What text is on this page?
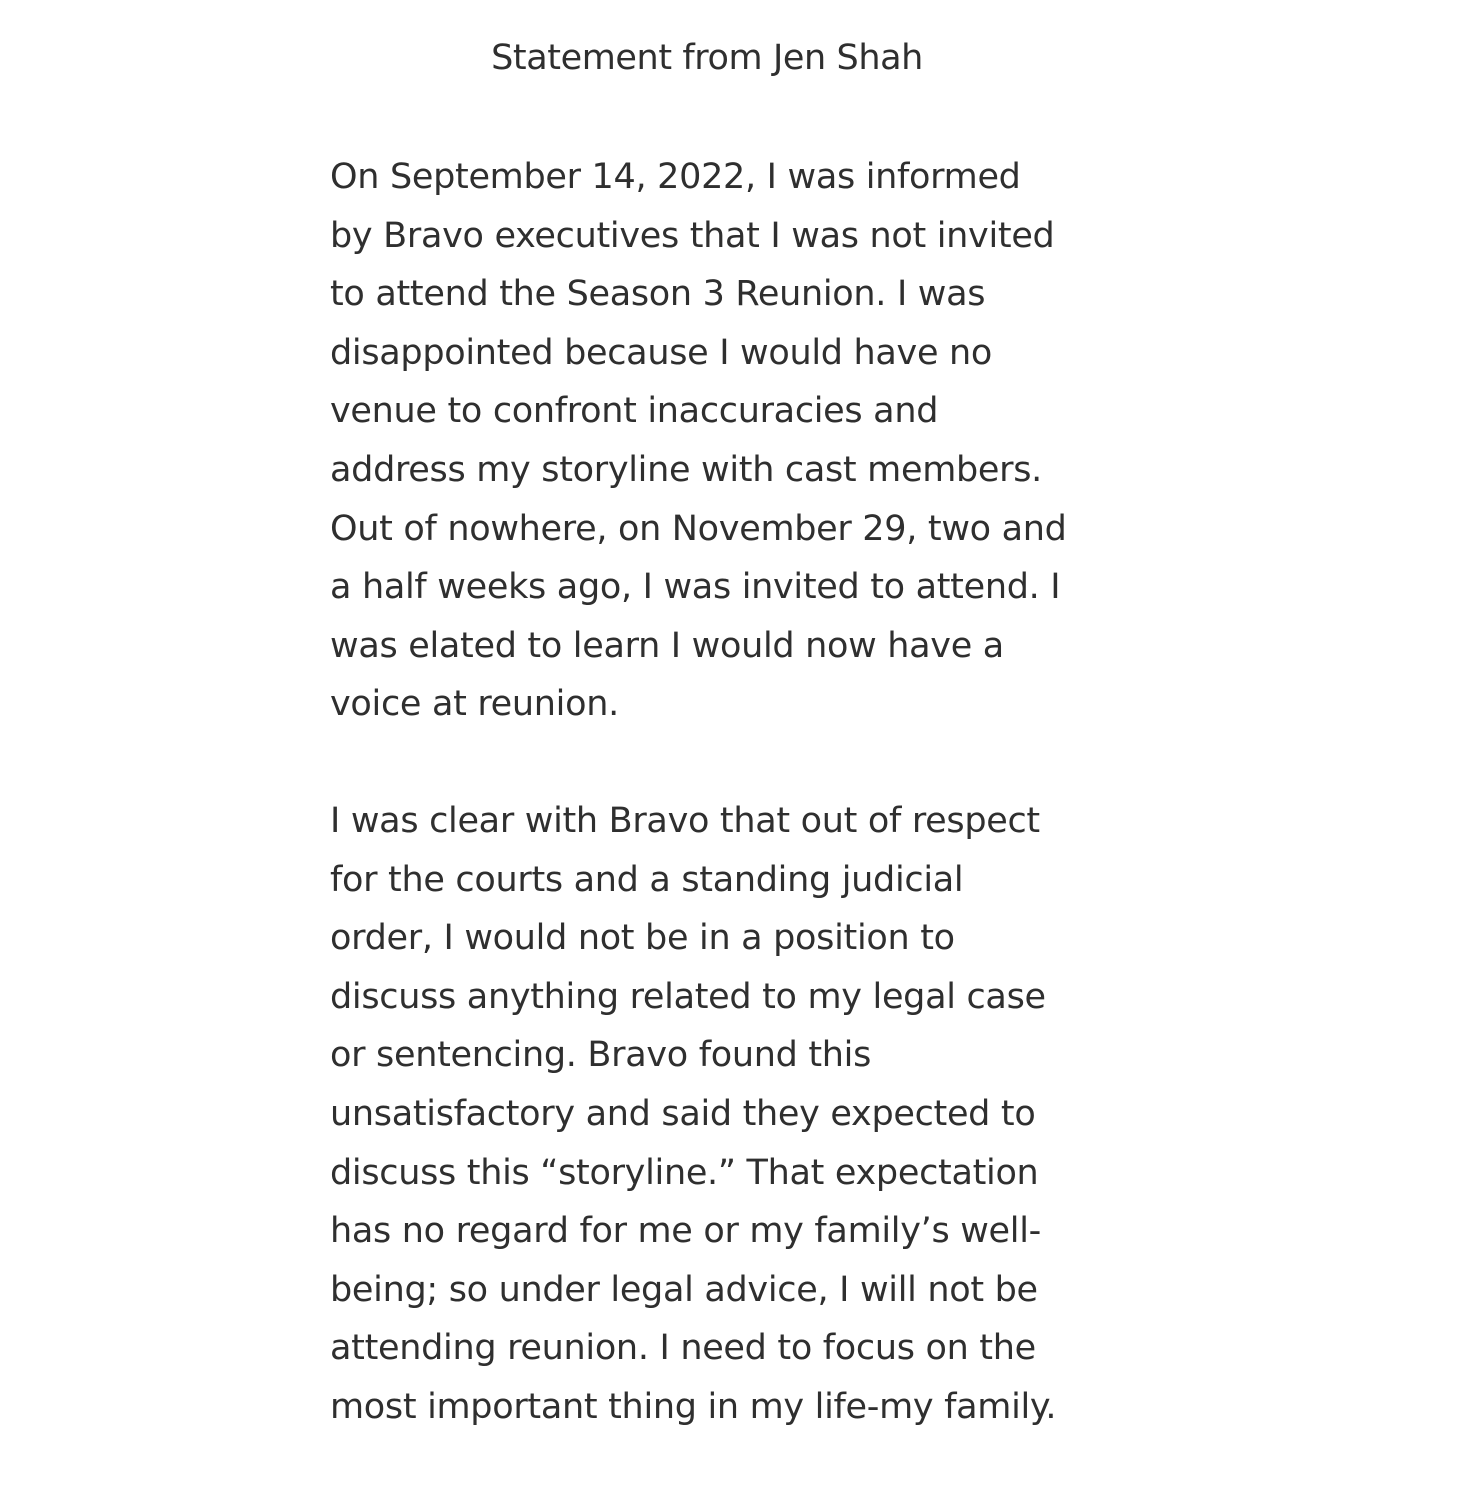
Statement from Jen Shah

On September 14, 2022, I was informed
by Bravo executives that I was not invited
to attend the Season 3 Reunion. I was
disappointed because I would have no
venue to confront inaccuracies and
address my storyline with cast members.
Out of nowhere, on November 29, two and
a half weeks ago, I was invited to attend. I
was elated to learn I would now have a
voice at reunion.

I was clear with Bravo that out of respect
for the courts and a standing judicial
order, I would not be in a position to
discuss anything related to my legal case
or sentencing. Bravo found this
unsatisfactory and said they expected to
discuss this “storyline.” That expectation
has no regard for me or my family’s well-
being; so under legal advice, I will not be
attending reunion. I need to focus on the
most important thing in my life-my family.
